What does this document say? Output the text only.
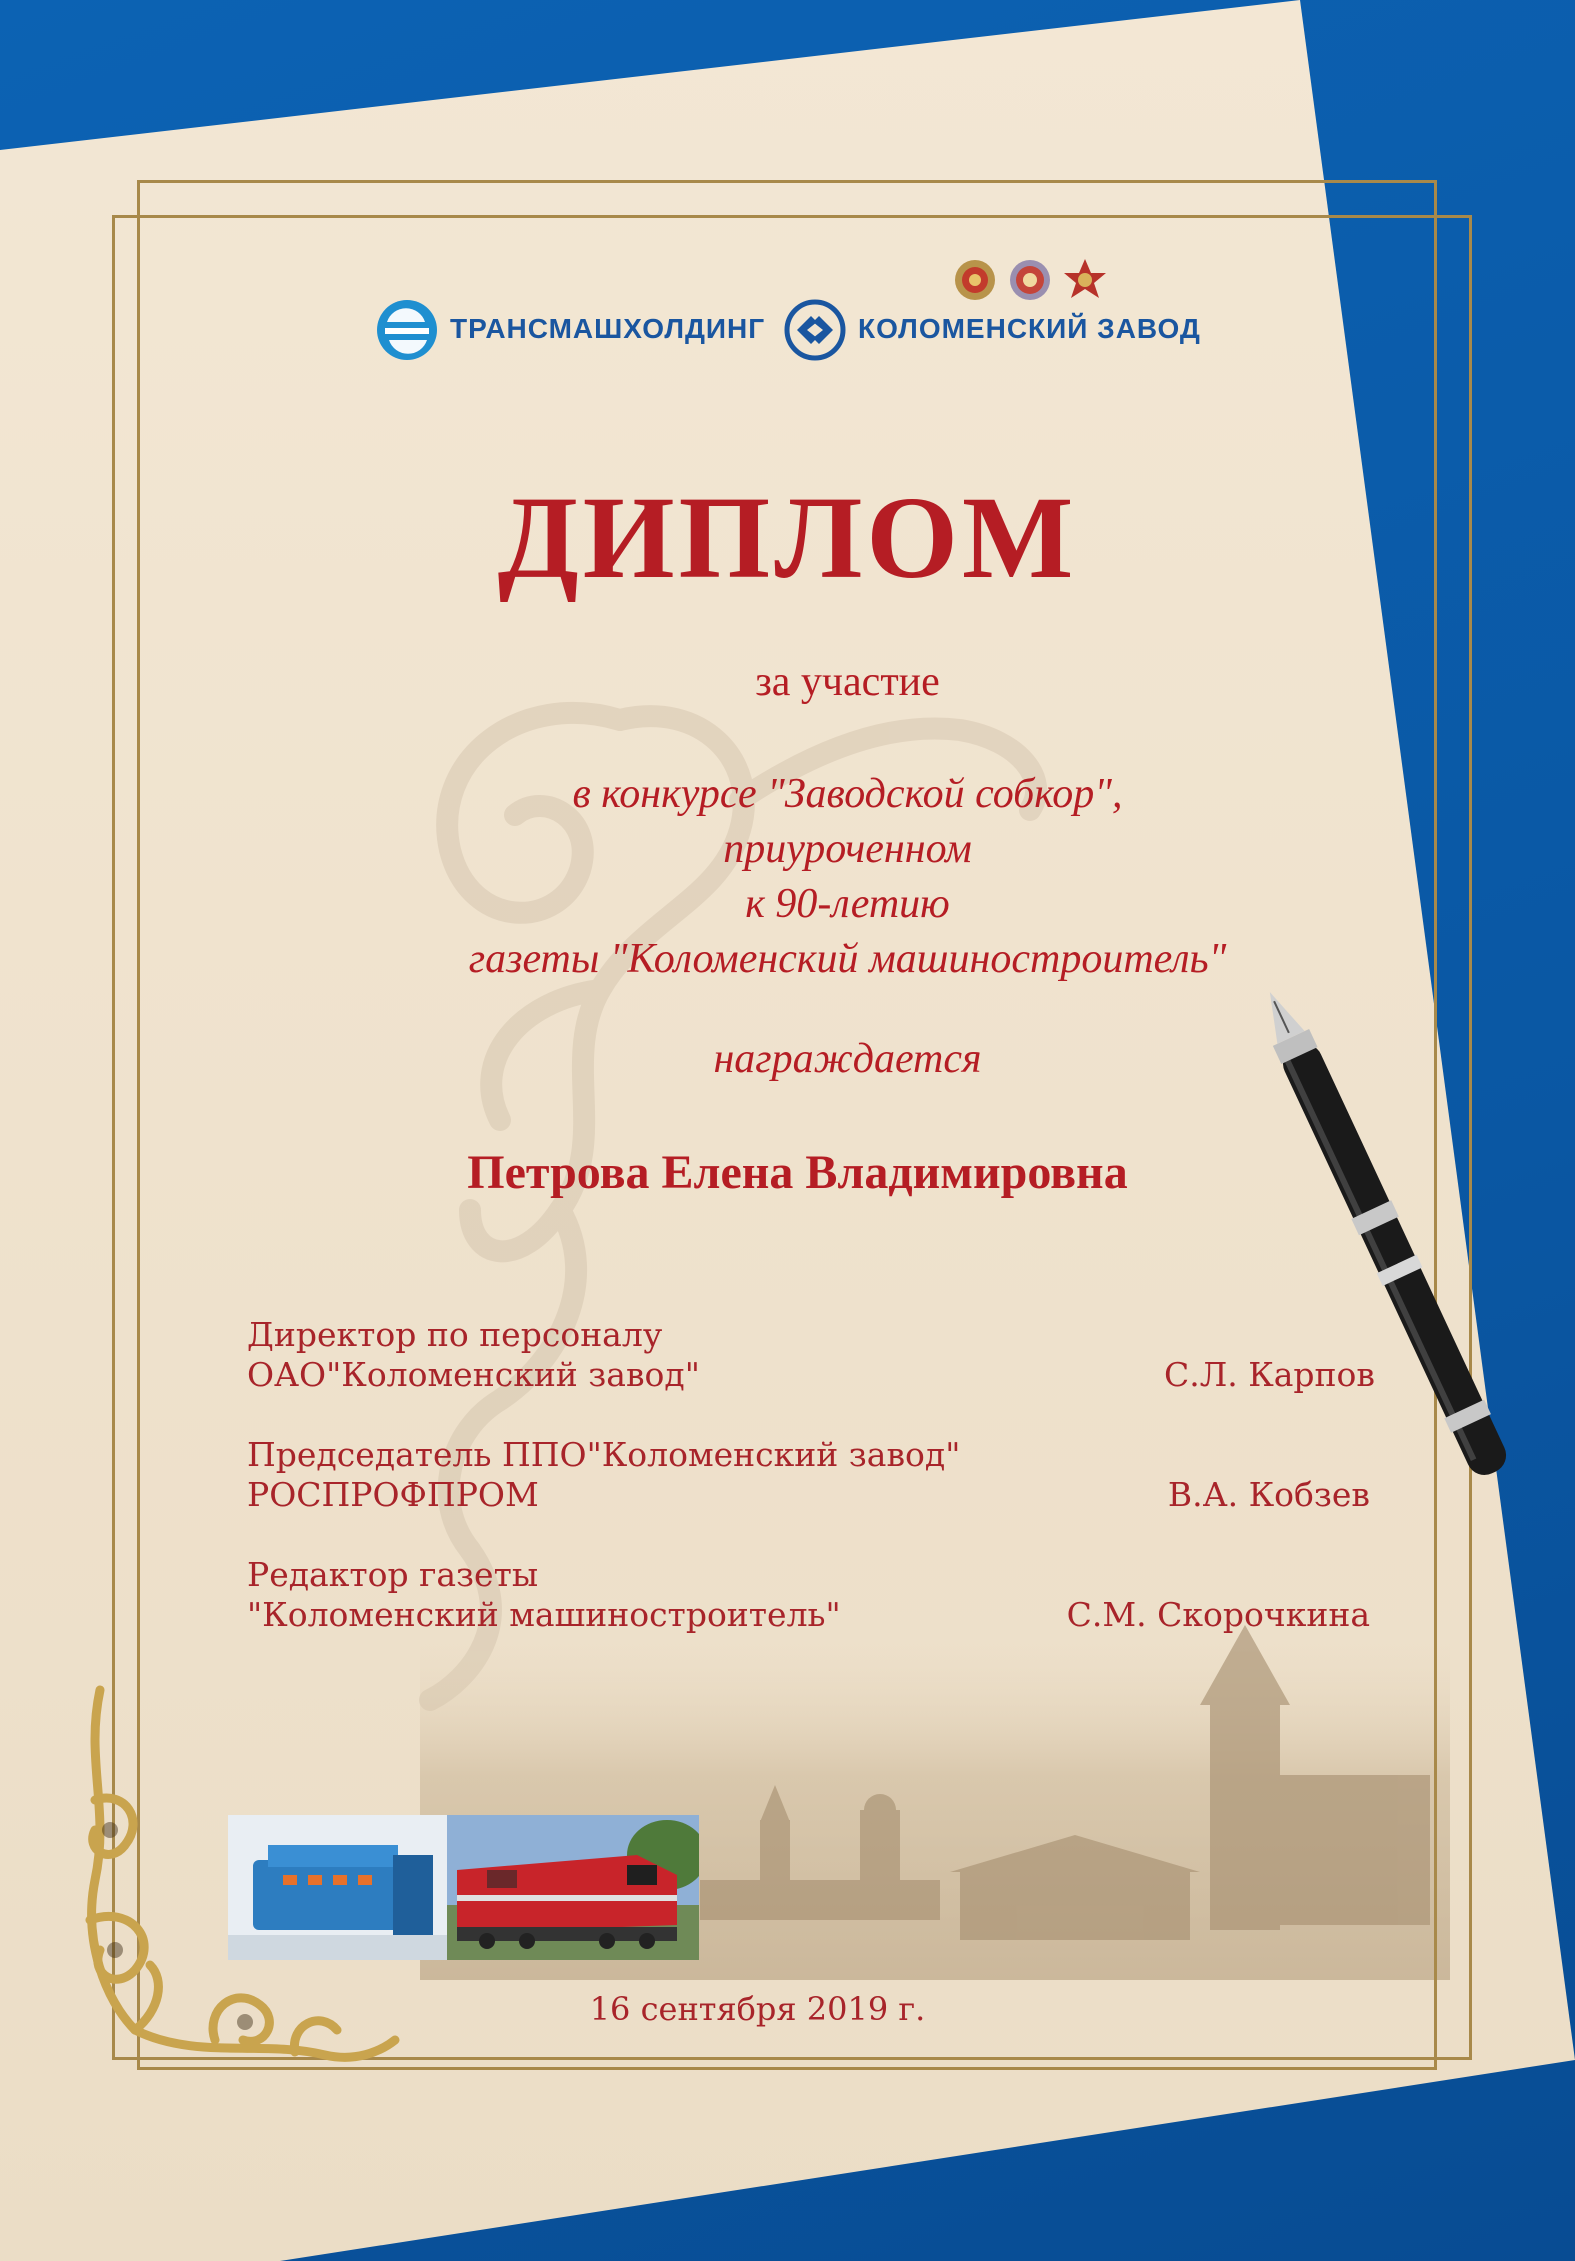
ТРАНСМАШХОЛДИНГ	КОЛОМЕНСКИЙ ЗАВОД
ДИПЛОМ
за участие
в конкурсе "Заводской собкор",
приуроченном
к 90-летию
газеты "Коломенский машиностроитель"
награждается
Петрова Елена Владимировна
Директор по персоналу
ОАО"Коломенский завод"	С.Л. Карпов
Председатель ППО"Коломенский завод"
РОСПРОФПРОМ	В.А. Кобзев
Редактор газеты
"Коломенский машиностроитель"	С.М. Скорочкина
16 сентября 2019 г.
